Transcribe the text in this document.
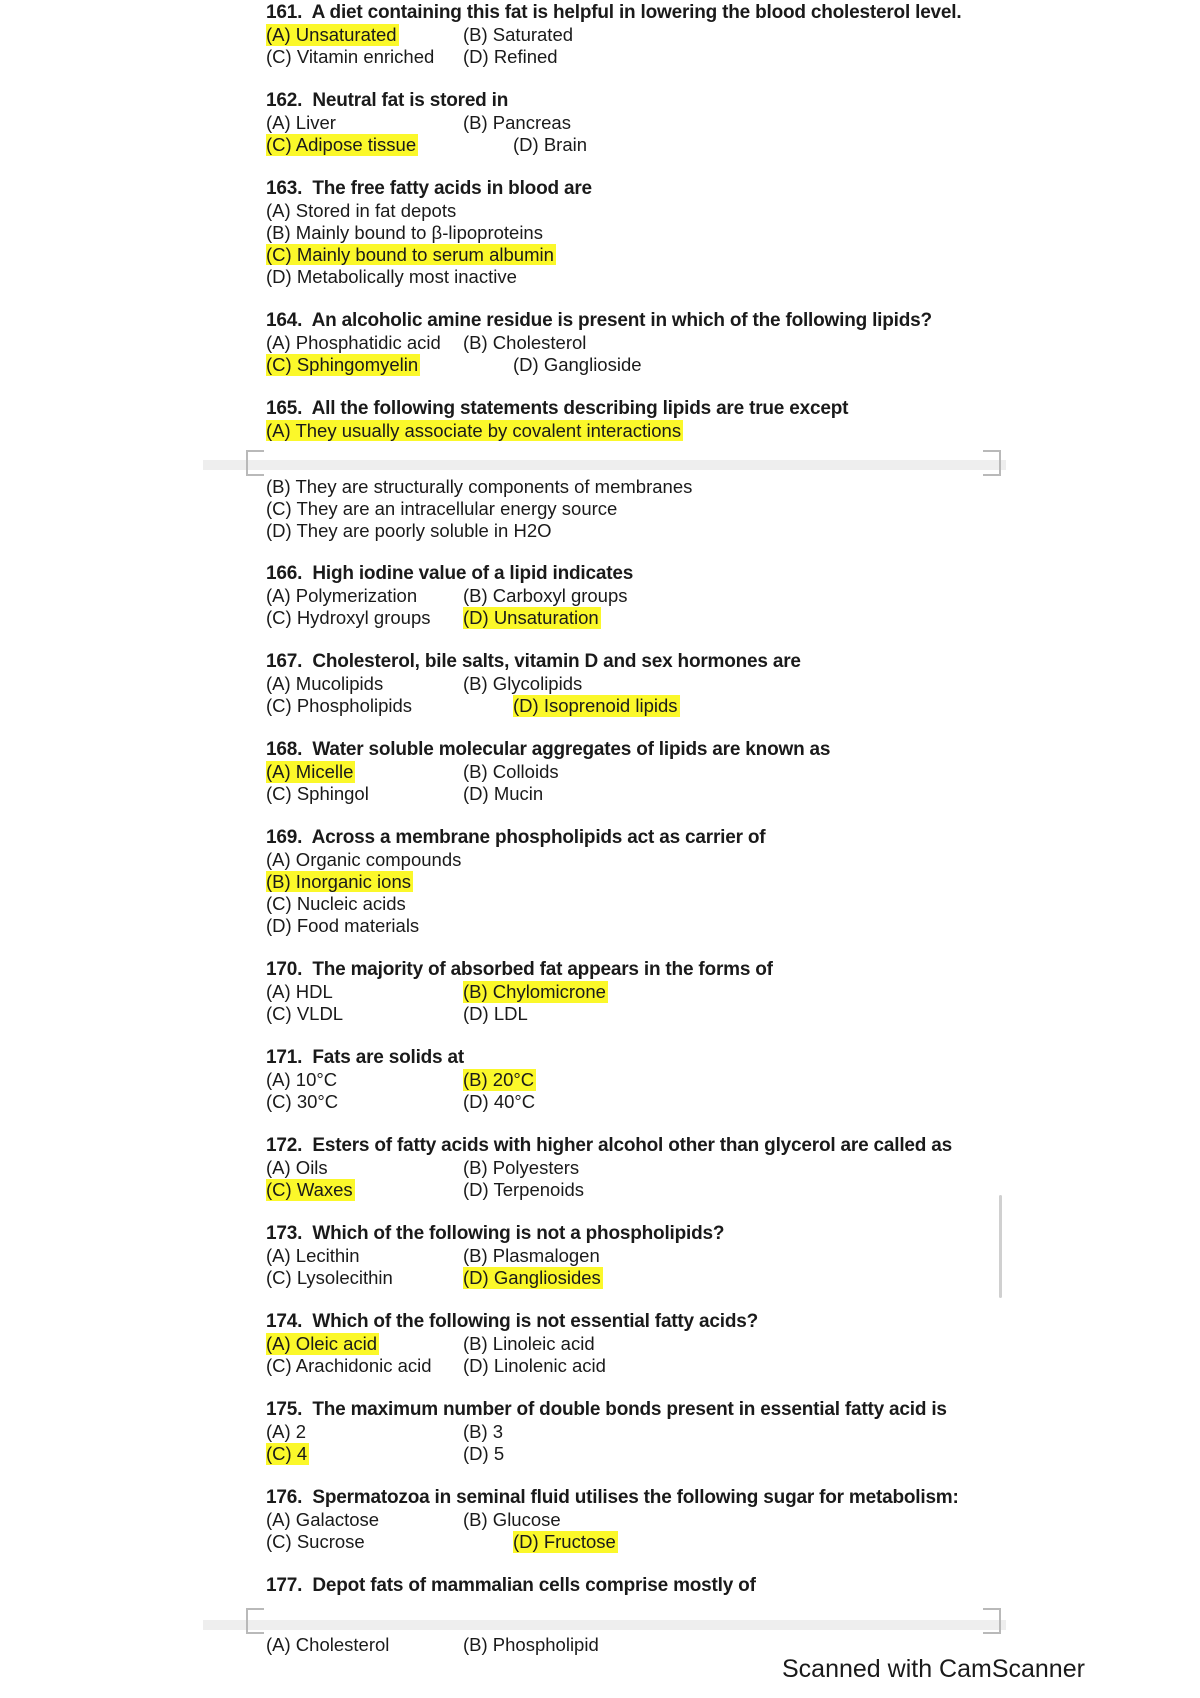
161. A diet containing this fat is helpful in lowering the blood cholesterol level.
(A) Unsaturated	(B) Saturated
(C) Vitamin enriched (D) Refined
162. Neutral fat is stored in
(A) Liver	(B) Pancreas
(C) Adipose tissue	(D) Brain
163. The free fatty acids in blood are
(A) Stored in fat depots
(B) Mainly bound to β-lipoproteins
(C) Mainly bound to serum albumin
(D) Metabolically most inactive
164. An alcoholic amine residue is present in which of the following lipids?
(A) Phosphatidic acid (B) Cholesterol
(C) Sphingomyelin	(D) Ganglioside
165. All the following statements describing lipids are true except
(A) They usually associate by covalent interactions
(B) They are structurally components of membranes
(C) They are an intracellular energy source
(D) They are poorly soluble in H2O
166. High iodine value of a lipid indicates
(A) Polymerization (B) Carboxyl groups
(C) Hydroxyl groups (D) Unsaturation
167. Cholesterol, bile salts, vitamin D and sex hormones are
(A) Mucolipids	(B) Glycolipids
(C) Phospholipids	(D) Isoprenoid lipids
168. Water soluble molecular aggregates of lipids are known as
(A) Micelle	(B) Colloids
(C) Sphingol	(D) Mucin
169. Across a membrane phospholipids act as carrier of
(A) Organic compounds
(B) Inorganic ions
(C) Nucleic acids
(D) Food materials
170. The majority of absorbed fat appears in the forms of
(A) HDL	(B) Chylomicrone
(C) VLDL	(D) LDL
171. Fats are solids at
(A) 10°C	(B) 20°C
(C) 30°C	(D) 40°C
172. Esters of fatty acids with higher alcohol other than glycerol are called as
(A) Oils	(B) Polyesters
(C) Waxes	(D) Terpenoids
173. Which of the following is not a phospholipids?
(A) Lecithin	(B) Plasmalogen
(C) Lysolecithin	(D) Gangliosides
174. Which of the following is not essential fatty acids?
(A) Oleic acid	(B) Linoleic acid
(C) Arachidonic acid (D) Linolenic acid
175. The maximum number of double bonds present in essential fatty acid is
(A) 2	(B) 3
(C) 4	(D) 5
176. Spermatozoa in seminal fluid utilises the following sugar for metabolism:
(A) Galactose	(B) Glucose
(C) Sucrose	(D) Fructose
177. Depot fats of mammalian cells comprise mostly of
(A) Cholesterol	(B) Phospholipid
Scanned with CamScanner
